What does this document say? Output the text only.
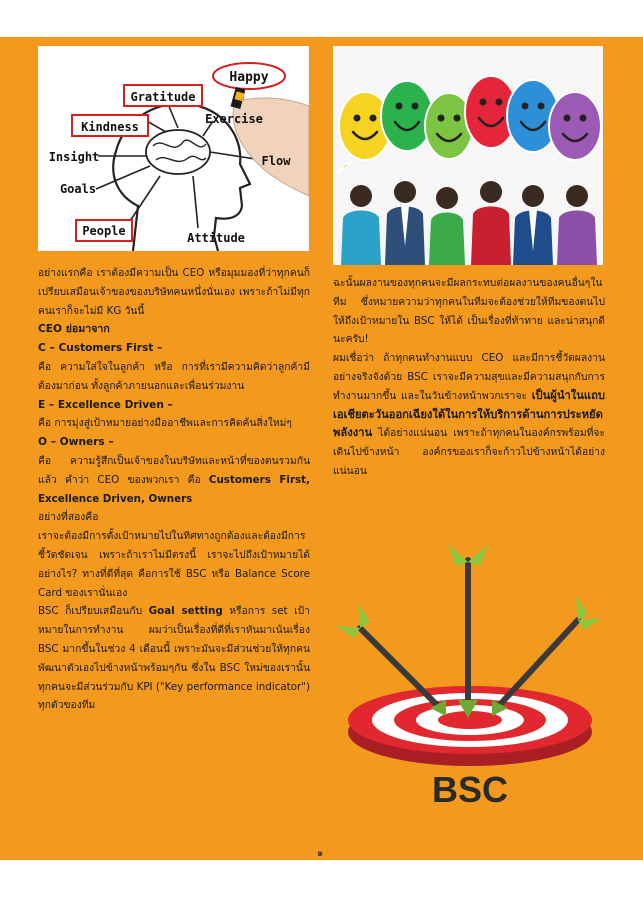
Happy
Gratitude
Exercise
Kindness
Insight	Flow
Goals
People	Attitude

อย่างแรกคือ เราต้องมีความเป็น CEO หรือมุมมองที่ว่าทุกคนก็เปรียบเสมือนเจ้าของของบริษัทคนหนึ่งนั่นเอง เพราะถ้าไม่มีทุกคนเราก็จะไม่มี KG วันนี้

CEO ย่อมาจาก

C – Customers First –

คือ ความใส่ใจในลูกค้า หรือ การที่เรามีความคิดว่าลูกค้ามีต้องมาก่อน ทั้งลูกค้าภายนอกและเพื่อนร่วมงาน

E – Excellence Driven –

คือ การมุ่งสู่เป้าหมายอย่างมืออาชีพและการคิดค้นสิ่งใหม่ๆ

O – Owners –

คือ ความรู้สึกเป็นเจ้าของในบริษัทและหน้าที่ของตนรวมกันแล้ว คำว่า CEO ของพวกเรา คือ Customers First, Excellence Driven, Owners

อย่างที่สองคือ

เราจะต้องมีการตั้งเป้าหมายไปในทิศทางถูกต้องและต้องมีการชี้วัดชัดเจน เพราะถ้าเราไม่มีตรงนี้ เราจะไปถึงเป้าหมายได้อย่างไร? ทางที่ดีที่สุด คือการใช้ BSC หรือ Balance Score Card ของเรานั่นเอง

BSC ก็เปรียบเสมือนกับ Goal setting หรือการ set เป้าหมายในการทำงาน ผมว่าเป็นเรื่องที่ดีที่เราหันมาเน้นเรื่อง BSC มากขึ้นในช่วง 4 เดือนนี้ เพราะมันจะมีส่วนช่วยให้ทุกคน พัฒนาตัวเองไปข้างหน้าพร้อมๆกัน ซึ่งใน BSC ใหม่ของเรานั้น ทุกคนจะมีส่วนร่วมกับ KPI ("Key performance indicator") ทุกตัวของทีม

ฉะนั้นผลงานของทุกคนจะมีผลกระทบต่อผลงานของคนอื่นๆในทีม ซึ่งหมายความว่าทุกคนในทีมจะต้องช่วยให้ทีมของตนไปให้ถึงเป้าหมายใน BSC ให้ได้ เป็นเรื่องที่ท้าทาย และน่าสนุกดีนะครับ!

ผมเชื่อว่า ถ้าทุกคนทำงานแบบ CEO และมีการชี้วัดผลงานอย่างจริงจังด้วย BSC เราจะมีความสุขและมีความสนุกกับการทำงานมากขึ้น และในวันข้างหน้าพวกเราจะ เป็นผู้นำในแถบเอเชียตะวันออกเฉียงใต้ในการให้บริการด้านการประหยัดพลังงาน ได้อย่างแน่นอน เพราะถ้าทุกคนในองค์กรพร้อมที่จะเดินไปข้างหน้า องค์กรของเราก็จะก้าวไปข้างหน้าได้อย่างแน่นอน

BSC
๑
